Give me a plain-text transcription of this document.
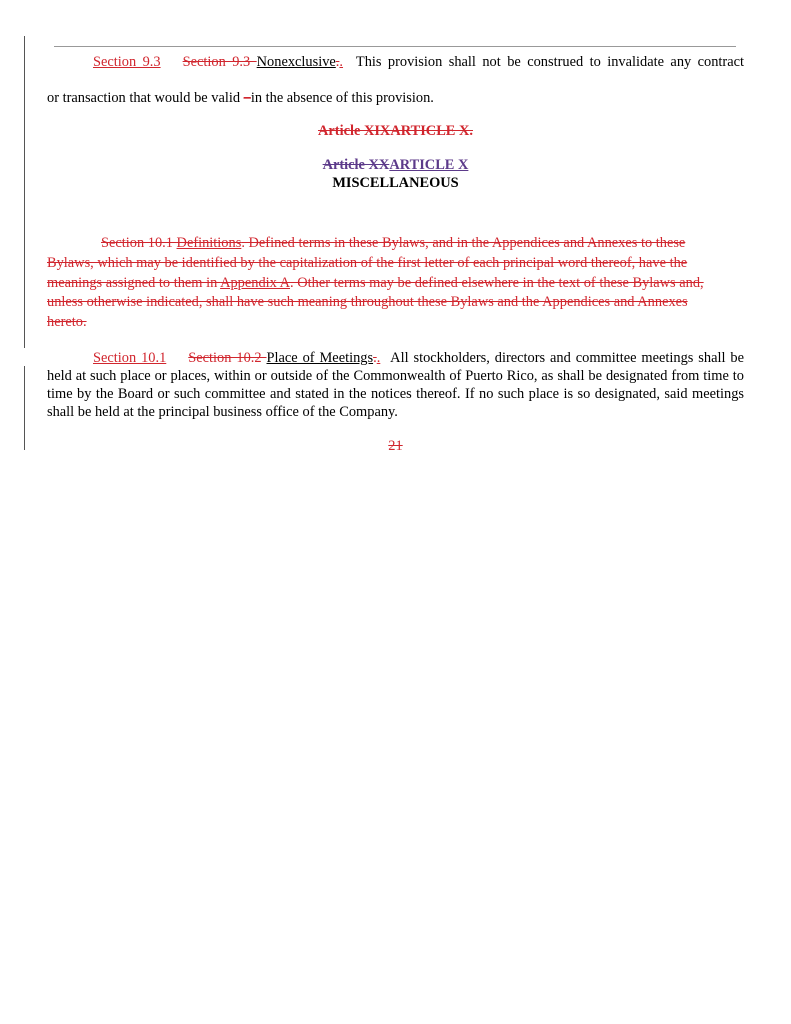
Section 9.3 Section 9.3 Nonexclusive.. This provision shall not be construed to invalidate any contract

or transaction that would be valid –in the absence of this provision.

Article XIXARTICLE X.

Article XXARTICLE X

MISCELLANEOUS

Section 10.1 Definitions. Defined terms in these Bylaws, and in the Appendices and Annexes to these Bylaws, which may be identified by the capitalization of the first letter of each principal word thereof, have the meanings assigned to them in Appendix A. Other terms may be defined elsewhere in the text of these Bylaws and, unless otherwise indicated, shall have such meaning throughout these Bylaws and the Appendices and Annexes hereto.

Section 10.1 Section 10.2 Place of Meetings.. All stockholders, directors and committee meetings shall be held at such place or places, within or outside of the Commonwealth of Puerto Rico, as shall be designated from time to time by the Board or such committee and stated in the notices thereof. If no such place is so designated, said meetings shall be held at the principal business office of the Company.

21
